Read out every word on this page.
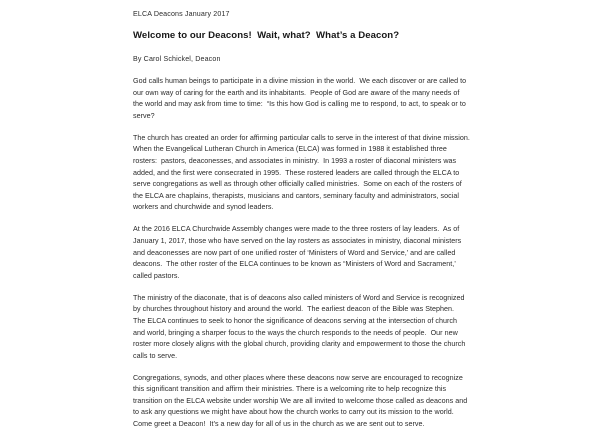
ELCA Deacons January 2017
Welcome to our Deacons!  Wait, what?  What’s a Deacon?
By Carol Schickel, Deacon

God calls human beings to participate in a divine mission in the world.  We each discover or are called to our own way of caring for the earth and its inhabitants.  People of God are aware of the many needs of the world and may ask from time to time:  “Is this how God is calling me to respond, to act, to speak or to serve?

The church has created an order for affirming particular calls to serve in the interest of that divine mission.  When the Evangelical Lutheran Church in America (ELCA) was formed in 1988 it established three rosters:  pastors, deaconesses, and associates in ministry.  In 1993 a roster of diaconal ministers was added, and the first were consecrated in 1995.  These rostered leaders are called through the ELCA to serve congregations as well as through other officially called ministries.  Some on each of the rosters of the ELCA are chaplains, therapists, musicians and cantors, seminary faculty and administrators, social workers and churchwide and synod leaders.

At the 2016 ELCA Churchwide Assembly changes were made to the three rosters of lay leaders.  As of January 1, 2017, those who have served on the lay rosters as associates in ministry, diaconal ministers and deaconesses are now part of one unified roster of ‘Ministers of Word and Service,’ and are called deacons.  The other roster of the ELCA continues to be known as “Ministers of Word and Sacrament,’ called pastors.

The ministry of the diaconate, that is of deacons also called ministers of Word and Service is recognized by churches throughout history and around the world.  The earliest deacon of the Bible was Stephen.  The ELCA continues to seek to honor the significance of deacons serving at the intersection of church and world, bringing a sharper focus to the ways the church responds to the needs of people.  Our new roster more closely aligns with the global church, providing clarity and empowerment to those the church calls to serve.

Congregations, synods, and other places where these deacons now serve are encouraged to recognize this significant transition and affirm their ministries. There is a welcoming rite to help recognize this transition on the ELCA website under worship We are all invited to welcome those called as deacons and to ask any questions we might have about how the church works to carry out its mission to the world.  Come greet a Deacon!  It’s a new day for all of us in the church as we are sent out to serve.
